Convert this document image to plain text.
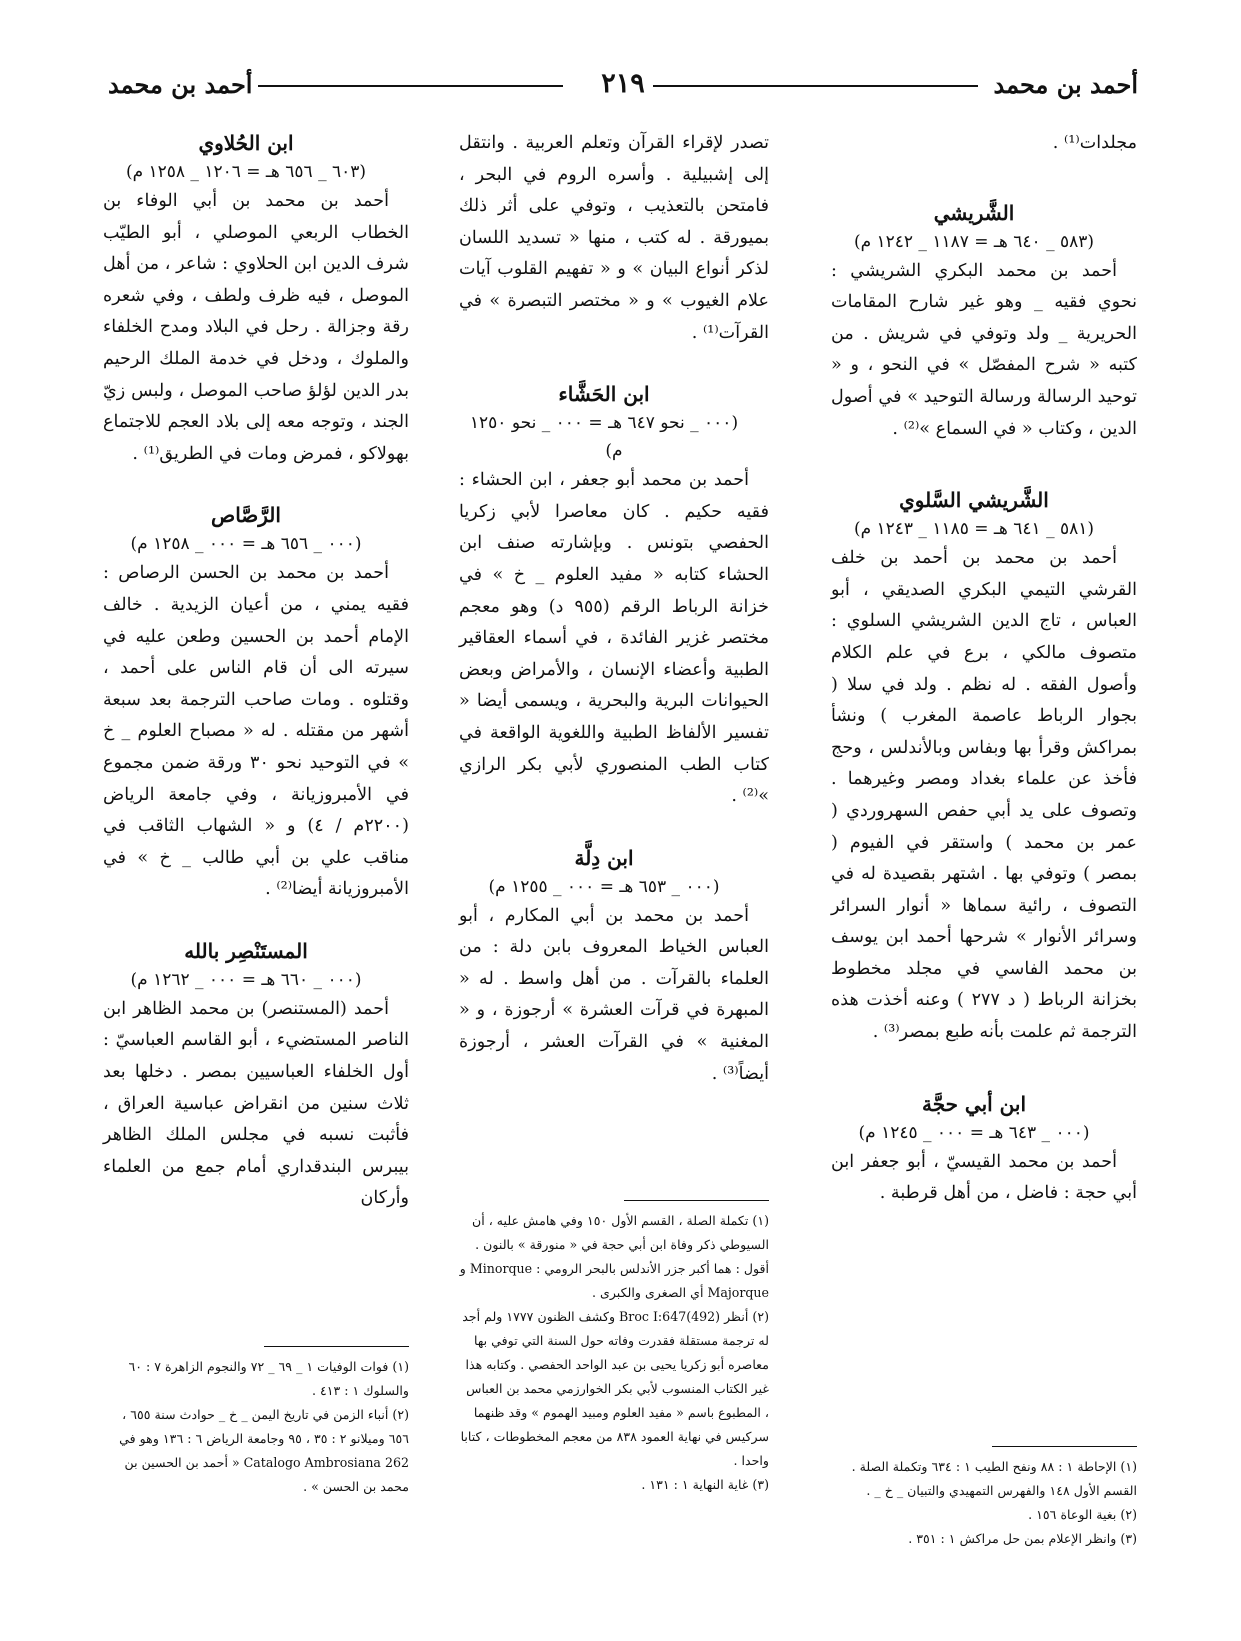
أحمد بن محمد	٢١٩	أحمد بن محمد

مجلدات⁽¹⁾ .

الشَّريشي

(٥٨٣ _ ٦٤٠ هـ = ١١٨٧ _ ١٢٤٢ م)

أحمد بن محمد البكري الشريشي : نحوي فقيه _ وهو غير شارح المقامات الحريرية _ ولد وتوفي في شريش . من كتبه « شرح المفصّل » في النحو ، و « توحيد الرسالة ورسالة التوحيد » في أصول الدين ، وكتاب « في السماع »⁽²⁾ .

الشَّريشي السَّلوي

(٥٨١ _ ٦٤١ هـ = ١١٨٥ _ ١٢٤٣ م)

أحمد بن محمد بن أحمد بن خلف القرشي التيمي البكري الصديقي ، أبو العباس ، تاج الدين الشريشي السلوي : متصوف مالكي ، برع في علم الكلام وأصول الفقه . له نظم . ولد في سلا ( بجوار الرباط عاصمة المغرب ) ونشأ بمراكش وقرأ بها وبفاس وبالأندلس ، وحج فأخذ عن علماء بغداد ومصر وغيرهما . وتصوف على يد أبي حفص السهروردي ( عمر بن محمد ) واستقر في الفيوم ( بمصر ) وتوفي بها . اشتهر بقصيدة له في التصوف ، رائية سماها « أنوار السرائر وسرائر الأنوار » شرحها أحمد ابن يوسف بن محمد الفاسي في مجلد مخطوط بخزانة الرباط ( د ٢٧٧ ) وعنه أخذت هذه الترجمة ثم علمت بأنه طبع بمصر⁽³⁾ .

ابن أبي حجَّة

(٠٠٠ _ ٦٤٣ هـ = ٠٠٠ _ ١٢٤٥ م)

أحمد بن محمد القيسيّ ، أبو جعفر ابن أبي حجة : فاضل ، من أهل قرطبة .

(١) الإحاطة ١ : ٨٨ ونفح الطيب ١ : ٦٣٤ وتكملة الصلة . القسم الأول ١٤٨ والفهرس التمهيدي والتبيان _ خ _ .
(٢) بغية الوعاة ١٥٦ .
(٣) وانظر الإعلام بمن حل مراكش ١ : ٣٥١ .

تصدر لإقراء القرآن وتعلم العربية . وانتقل إلى إشبيلية . وأسره الروم في البحر ، فامتحن بالتعذيب ، وتوفي على أثر ذلك بميورقة . له كتب ، منها « تسديد اللسان لذكر أنواع البيان » و « تفهيم القلوب آيات علام الغيوب » و « مختصر التبصرة » في القرآت⁽¹⁾ .

ابن الحَشَّاء

(٠٠٠ _ نحو ٦٤٧ هـ = ٠٠٠ _ نحو ١٢٥٠ م)

أحمد بن محمد أبو جعفر ، ابن الحشاء : فقيه حكيم . كان معاصرا لأبي زكريا الحفصي بتونس . وبإشارته صنف ابن الحشاء كتابه « مفيد العلوم _ خ » في خزانة الرباط الرقم (٩٥٥ د) وهو معجم مختصر غزير الفائدة ، في أسماء العقاقير الطبية وأعضاء الإنسان ، والأمراض وبعض الحيوانات البرية والبحرية ، ويسمى أيضا « تفسير الألفاظ الطبية واللغوية الواقعة في كتاب الطب المنصوري لأبي بكر الرازي »⁽²⁾ .

ابن دِلَّة

(٠٠٠ _ ٦٥٣ هـ = ٠٠٠ _ ١٢٥٥ م)

أحمد بن محمد بن أبي المكارم ، أبو العباس الخياط المعروف بابن دلة : من العلماء بالقرآت . من أهل واسط . له « المبهرة في قرآت العشرة » أرجوزة ، و « المغنية » في القرآت العشر ، أرجوزة أيضاً⁽³⁾ .

(١) تكملة الصلة ، القسم الأول ١٥٠ وفي هامش عليه ، أن السيوطي ذكر وفاة ابن أبي حجة في « منورقة » بالنون . أقول : هما أكبر جزر الأندلس بالبحر الرومي : Minorque و Majorque أي الصغرى والكبرى .
(٢) أنظر Broc I:647(492) وكشف الظنون ١٧٧٧ ولم أجد له ترجمة مستقلة فقدرت وفاته حول السنة التي توفي بها معاصره أبو زكريا يحيى بن عبد الواحد الحفصي . وكتابه هذا غير الكتاب المنسوب لأبي بكر الخوارزمي محمد بن العباس ، المطبوع باسم « مفيد العلوم ومبيد الهموم » وقد ظنهما سركيس في نهاية العمود ٨٣٨ من معجم المخطوطات ، كتابا واحدا .
(٣) غاية النهاية ١ : ١٣١ .

ابن الحُلاوي

(٦٠٣ _ ٦٥٦ هـ = ١٢٠٦ _ ١٢٥٨ م)

أحمد بن محمد بن أبي الوفاء بن الخطاب الربعي الموصلي ، أبو الطيّب شرف الدين ابن الحلاوي : شاعر ، من أهل الموصل ، فيه ظرف ولطف ، وفي شعره رقة وجزالة . رحل في البلاد ومدح الخلفاء والملوك ، ودخل في خدمة الملك الرحيم بدر الدين لؤلؤ صاحب الموصل ، ولبس زيّ الجند ، وتوجه معه إلى بلاد العجم للاجتماع بهولاكو ، فمرض ومات في الطريق⁽¹⁾ .

الرَّصَّاص

(٠٠٠ _ ٦٥٦ هـ = ٠٠٠ _ ١٢٥٨ م)

أحمد بن محمد بن الحسن الرصاص : فقيه يمني ، من أعيان الزيدية . خالف الإمام أحمد بن الحسين وطعن عليه في سيرته الى أن قام الناس على أحمد ، وقتلوه . ومات صاحب الترجمة بعد سبعة أشهر من مقتله . له « مصباح العلوم _ خ » في التوحيد نحو ٣٠ ورقة ضمن مجموع في الأمبروزيانة ، وفي جامعة الرياض (٢٢٠٠م / ٤) و « الشهاب الثاقب في مناقب علي بن أبي طالب _ خ » في الأمبروزيانة أيضا⁽²⁾ .

المستَنْصِر بالله

(٠٠٠ _ ٦٦٠ هـ = ٠٠٠ _ ١٢٦٢ م)

أحمد (المستنصر) بن محمد الظاهر ابن الناصر المستضيء ، أبو القاسم العباسيّ : أول الخلفاء العباسيين بمصر . دخلها بعد ثلاث سنين من انقراض عباسية العراق ، فأثبت نسبه في مجلس الملك الظاهر بيبرس البندقداري أمام جمع من العلماء وأركان

(١) فوات الوفيات ١ _ ٦٩ _ ٧٢ والنجوم الزاهرة ٧ : ٦٠ والسلوك ١ : ٤١٣ .
(٢) أنباء الزمن في تاريخ اليمن _ خ _ حوادث سنة ٦٥٥ ، ٦٥٦ وميلانو ٢ : ٣٥ ، ٩٥ وجامعة الرياض ٦ : ١٣٦ وهو في Catalogo Ambrosiana 262 « أحمد بن الحسين بن محمد بن الحسن » .
